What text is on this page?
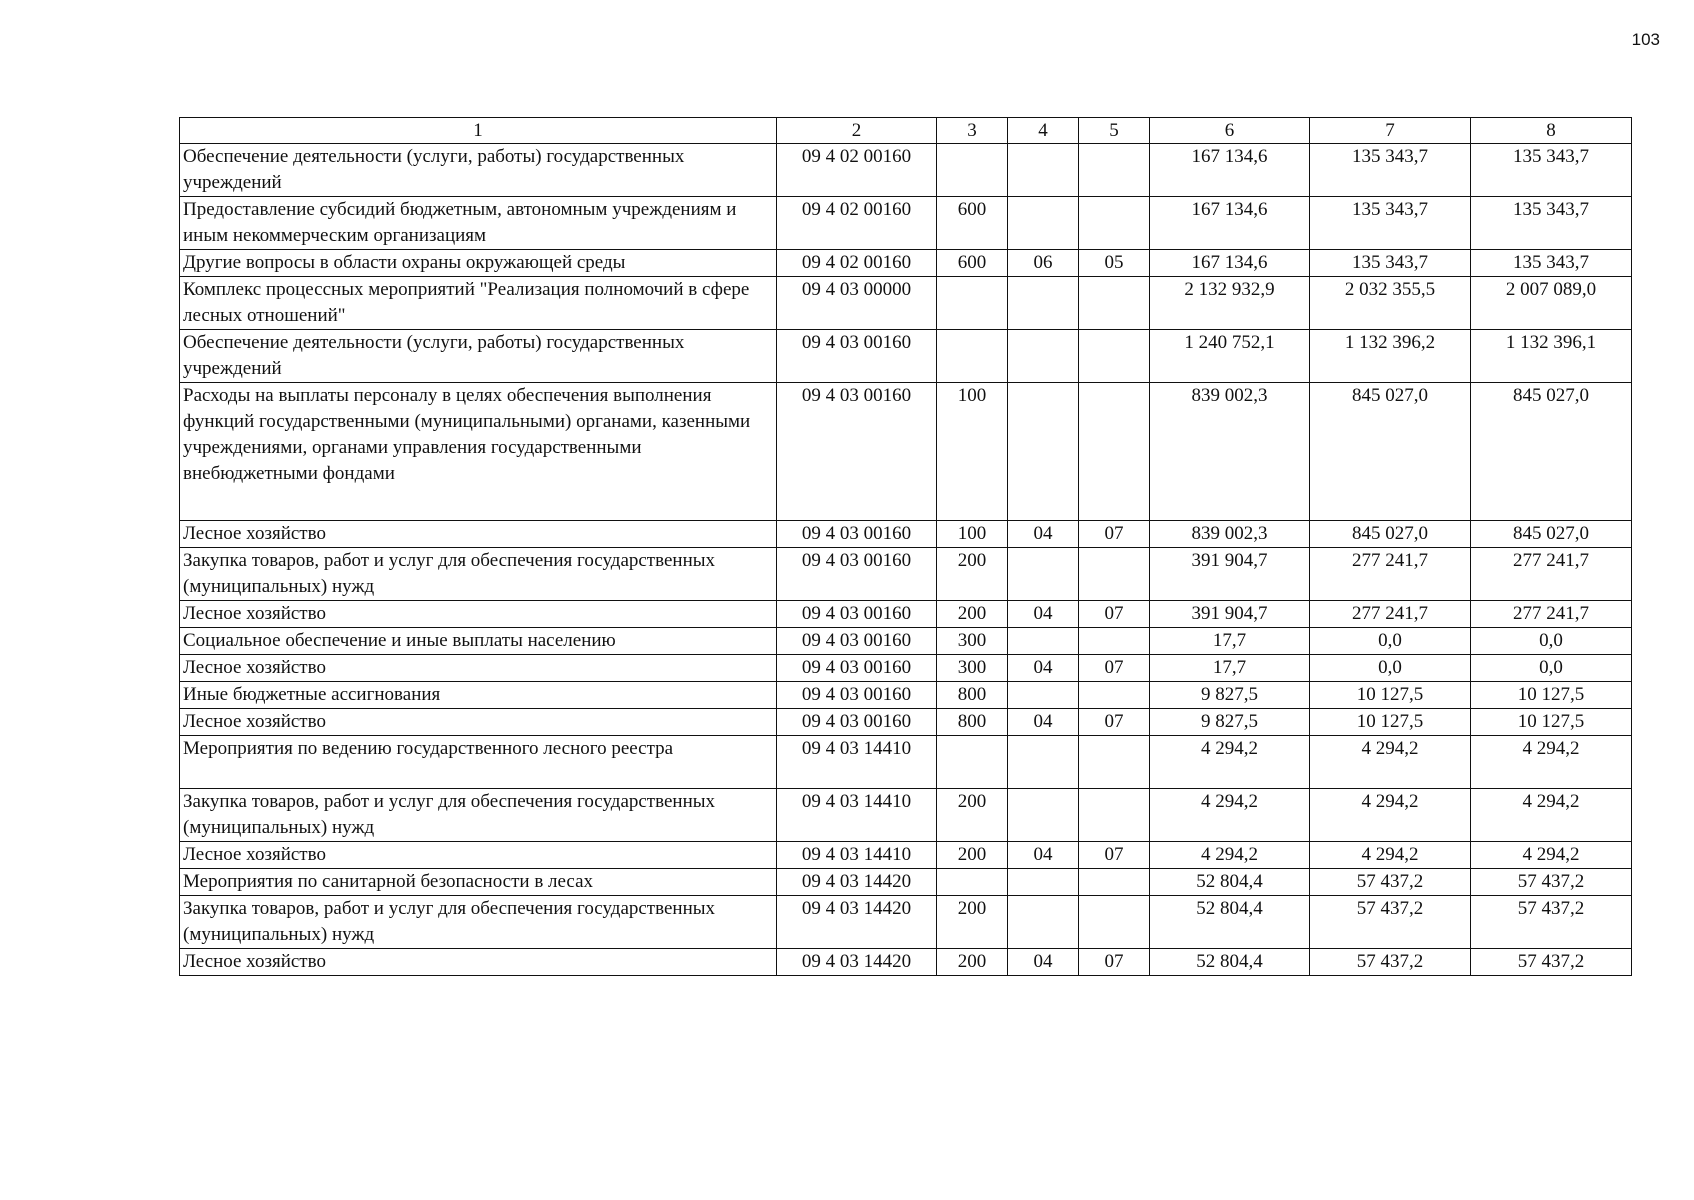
103
1	2	3	4	5	6	7	8
Обеспечение деятельности (услуги, работы) государственных учреждений	09 4 02 00160				167 134,6	135 343,7	135 343,7
Предоставление субсидий бюджетным, автономным учреждениям и иным некоммерческим организациям	09 4 02 00160	600			167 134,6	135 343,7	135 343,7
Другие вопросы в области охраны окружающей среды	09 4 02 00160	600	06	05	167 134,6	135 343,7	135 343,7
Комплекс процессных мероприятий "Реализация полномочий в сфере лесных отношений"	09 4 03 00000				2 132 932,9	2 032 355,5	2 007 089,0
Обеспечение деятельности (услуги, работы) государственных учреждений	09 4 03 00160				1 240 752,1	1 132 396,2	1 132 396,1
Расходы на выплаты персоналу в целях обеспечения выполнения функций государственными (муниципальными) органами, казенными учреждениями, органами управления государственными внебюджетными фондами	09 4 03 00160	100			839 002,3	845 027,0	845 027,0
Лесное хозяйство	09 4 03 00160	100	04	07	839 002,3	845 027,0	845 027,0
Закупка товаров, работ и услуг для обеспечения государственных (муниципальных) нужд	09 4 03 00160	200			391 904,7	277 241,7	277 241,7
Лесное хозяйство	09 4 03 00160	200	04	07	391 904,7	277 241,7	277 241,7
Социальное обеспечение и иные выплаты населению	09 4 03 00160	300			17,7	0,0	0,0
Лесное хозяйство	09 4 03 00160	300	04	07	17,7	0,0	0,0
Иные бюджетные ассигнования	09 4 03 00160	800			9 827,5	10 127,5	10 127,5
Лесное хозяйство	09 4 03 00160	800	04	07	9 827,5	10 127,5	10 127,5
Мероприятия по ведению государственного лесного реестра	09 4 03 14410				4 294,2	4 294,2	4 294,2
Закупка товаров, работ и услуг для обеспечения государственных (муниципальных) нужд	09 4 03 14410	200			4 294,2	4 294,2	4 294,2
Лесное хозяйство	09 4 03 14410	200	04	07	4 294,2	4 294,2	4 294,2
Мероприятия по санитарной безопасности в лесах	09 4 03 14420				52 804,4	57 437,2	57 437,2
Закупка товаров, работ и услуг для обеспечения государственных (муниципальных) нужд	09 4 03 14420	200			52 804,4	57 437,2	57 437,2
Лесное хозяйство	09 4 03 14420	200	04	07	52 804,4	57 437,2	57 437,2
